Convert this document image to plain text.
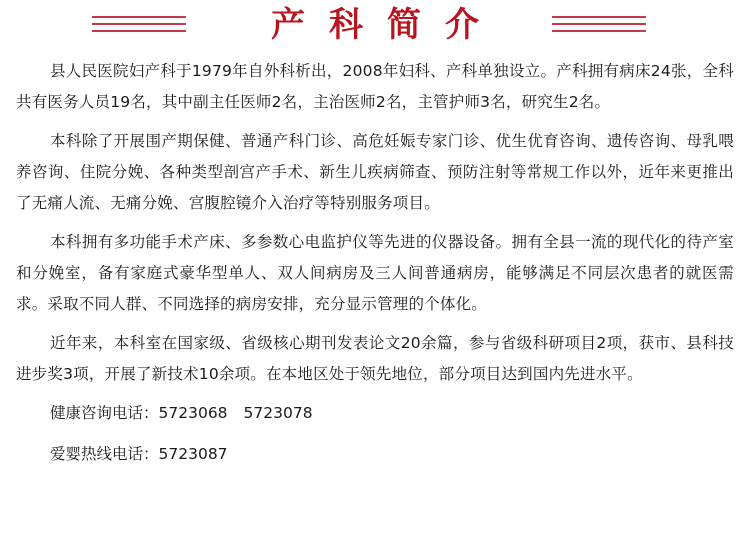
产科简介

县人民医院妇产科于1979年自外科析出，2008年妇科、产科单独设立。产科拥有病床24张，全科共有医务人员19名，其中副主任医师2名，主治医师2名，主管护师3名，研究生2名。

本科除了开展围产期保健、普通产科门诊、高危妊娠专家门诊、优生优育咨询、遗传咨询、母乳喂养咨询、住院分娩、各种类型剖宫产手术、新生儿疾病筛查、预防注射等常规工作以外，近年来更推出了无痛人流、无痛分娩、宫腹腔镜介入治疗等特别服务项目。

本科拥有多功能手术产床、多参数心电监护仪等先进的仪器设备。拥有全县一流的现代化的待产室和分娩室，备有家庭式豪华型单人、双人间病房及三人间普通病房，能够满足不同层次患者的就医需求。采取不同人群、不同选择的病房安排，充分显示管理的个体化。

近年来，本科室在国家级、省级核心期刊发表论文20余篇，参与省级科研项目2项，获市、县科技进步奖3项，开展了新技术10余项。在本地区处于领先地位，部分项目达到国内先进水平。

健康咨询电话：5723068 5723078

爱婴热线电话：5723087
